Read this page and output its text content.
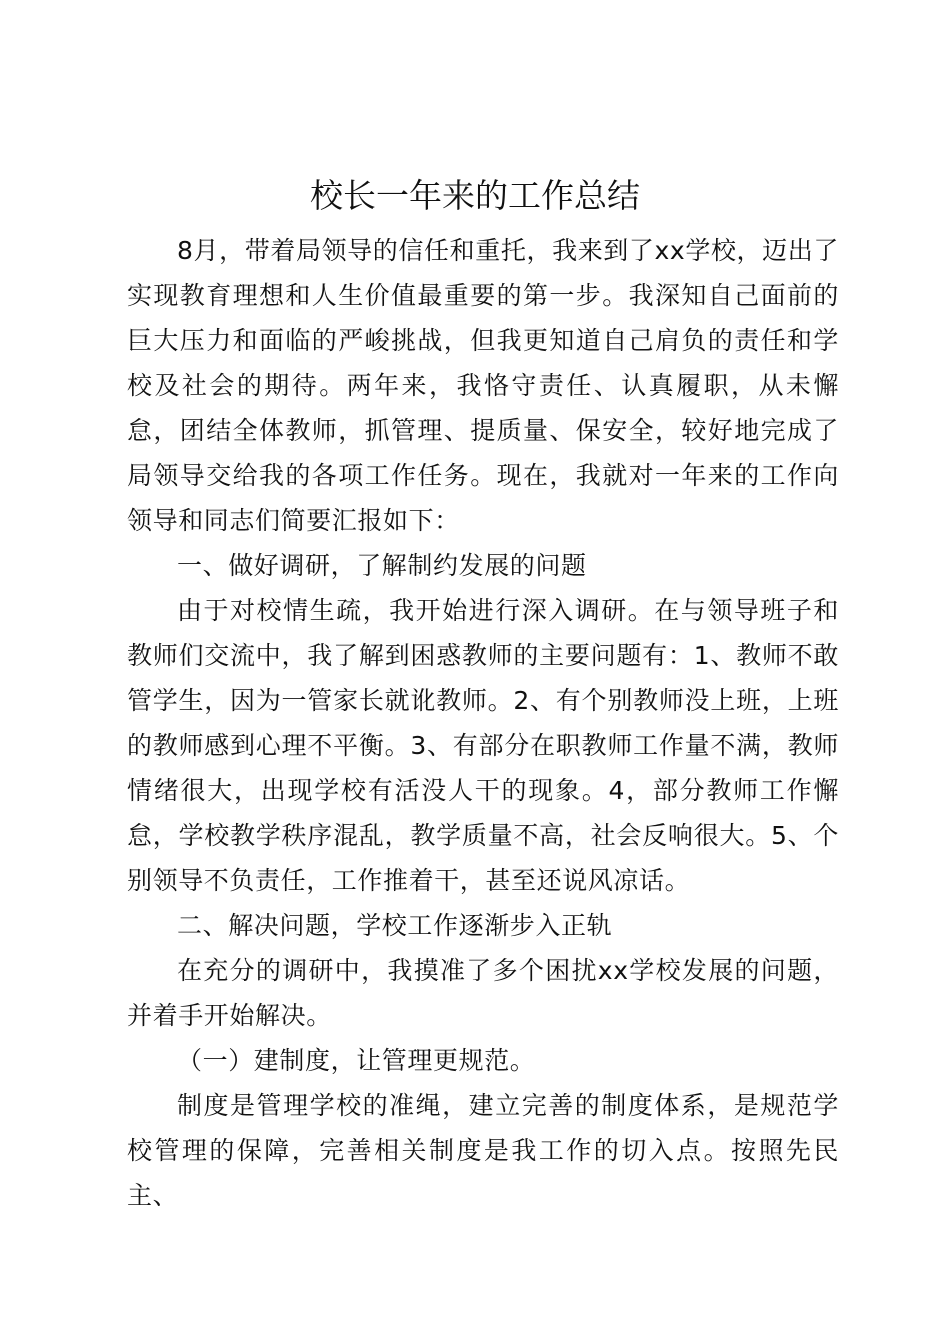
校长一年来的工作总结

8月，带着局领导的信任和重托，我来到了xx学校，迈出了实现教育理想和人生价值最重要的第一步。我深知自己面前的巨大压力和面临的严峻挑战，但我更知道自己肩负的责任和学校及社会的期待。两年来，我恪守责任、认真履职，从未懈怠，团结全体教师，抓管理、提质量、保安全，较好地完成了局领导交给我的各项工作任务。现在，我就对一年来的工作向领导和同志们简要汇报如下：

一、做好调研，了解制约发展的问题

由于对校情生疏，我开始进行深入调研。在与领导班子和教师们交流中，我了解到困惑教师的主要问题有：1、教师不敢管学生，因为一管家长就讹教师。2、有个别教师没上班，上班的教师感到心理不平衡。3、有部分在职教师工作量不满，教师情绪很大，出现学校有活没人干的现象。4，部分教师工作懈怠，学校教学秩序混乱，教学质量不高，社会反响很大。5、个别领导不负责任，工作推着干，甚至还说风凉话。

二、解决问题，学校工作逐渐步入正轨

在充分的调研中，我摸准了多个困扰xx学校发展的问题，并着手开始解决。

（一）建制度，让管理更规范。

制度是管理学校的准绳，建立完善的制度体系，是规范学校管理的保障，完善相关制度是我工作的切入点。按照先民主、
